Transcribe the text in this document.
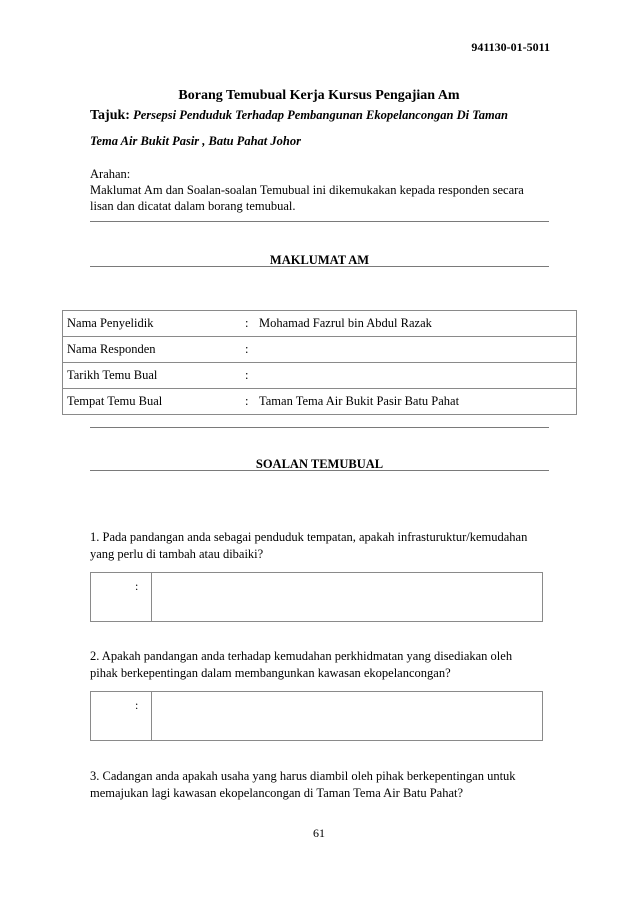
941130-01-5011
Borang Temubual Kerja Kursus Pengajian Am
Tajuk: Persepsi Penduduk Terhadap Pembangunan Ekopelancongan Di Taman
Tema Air Bukit Pasir , Batu Pahat Johor
Arahan:
Maklumat Am dan Soalan-soalan Temubual ini dikemukakan kepada responden secara
lisan dan dicatat dalam borang temubual.
MAKLUMAT AM
Nama Penyelidik	:	Mohamad Fazrul bin Abdul Razak
Nama Responden	:	
Tarikh Temu Bual	:	
Tempat Temu Bual	:	Taman Tema Air Bukit Pasir Batu Pahat
SOALAN TEMUBUAL
1. Pada pandangan anda sebagai penduduk tempatan, apakah infrasturuktur/kemudahan
yang perlu di tambah atau dibaiki?
:
2. Apakah pandangan anda terhadap kemudahan perkhidmatan yang disediakan oleh
pihak berkepentingan dalam membangunkan kawasan ekopelancongan?
:
3. Cadangan anda apakah usaha yang harus diambil oleh pihak berkepentingan untuk
memajukan lagi kawasan ekopelancongan di Taman Tema Air Batu Pahat?
61
